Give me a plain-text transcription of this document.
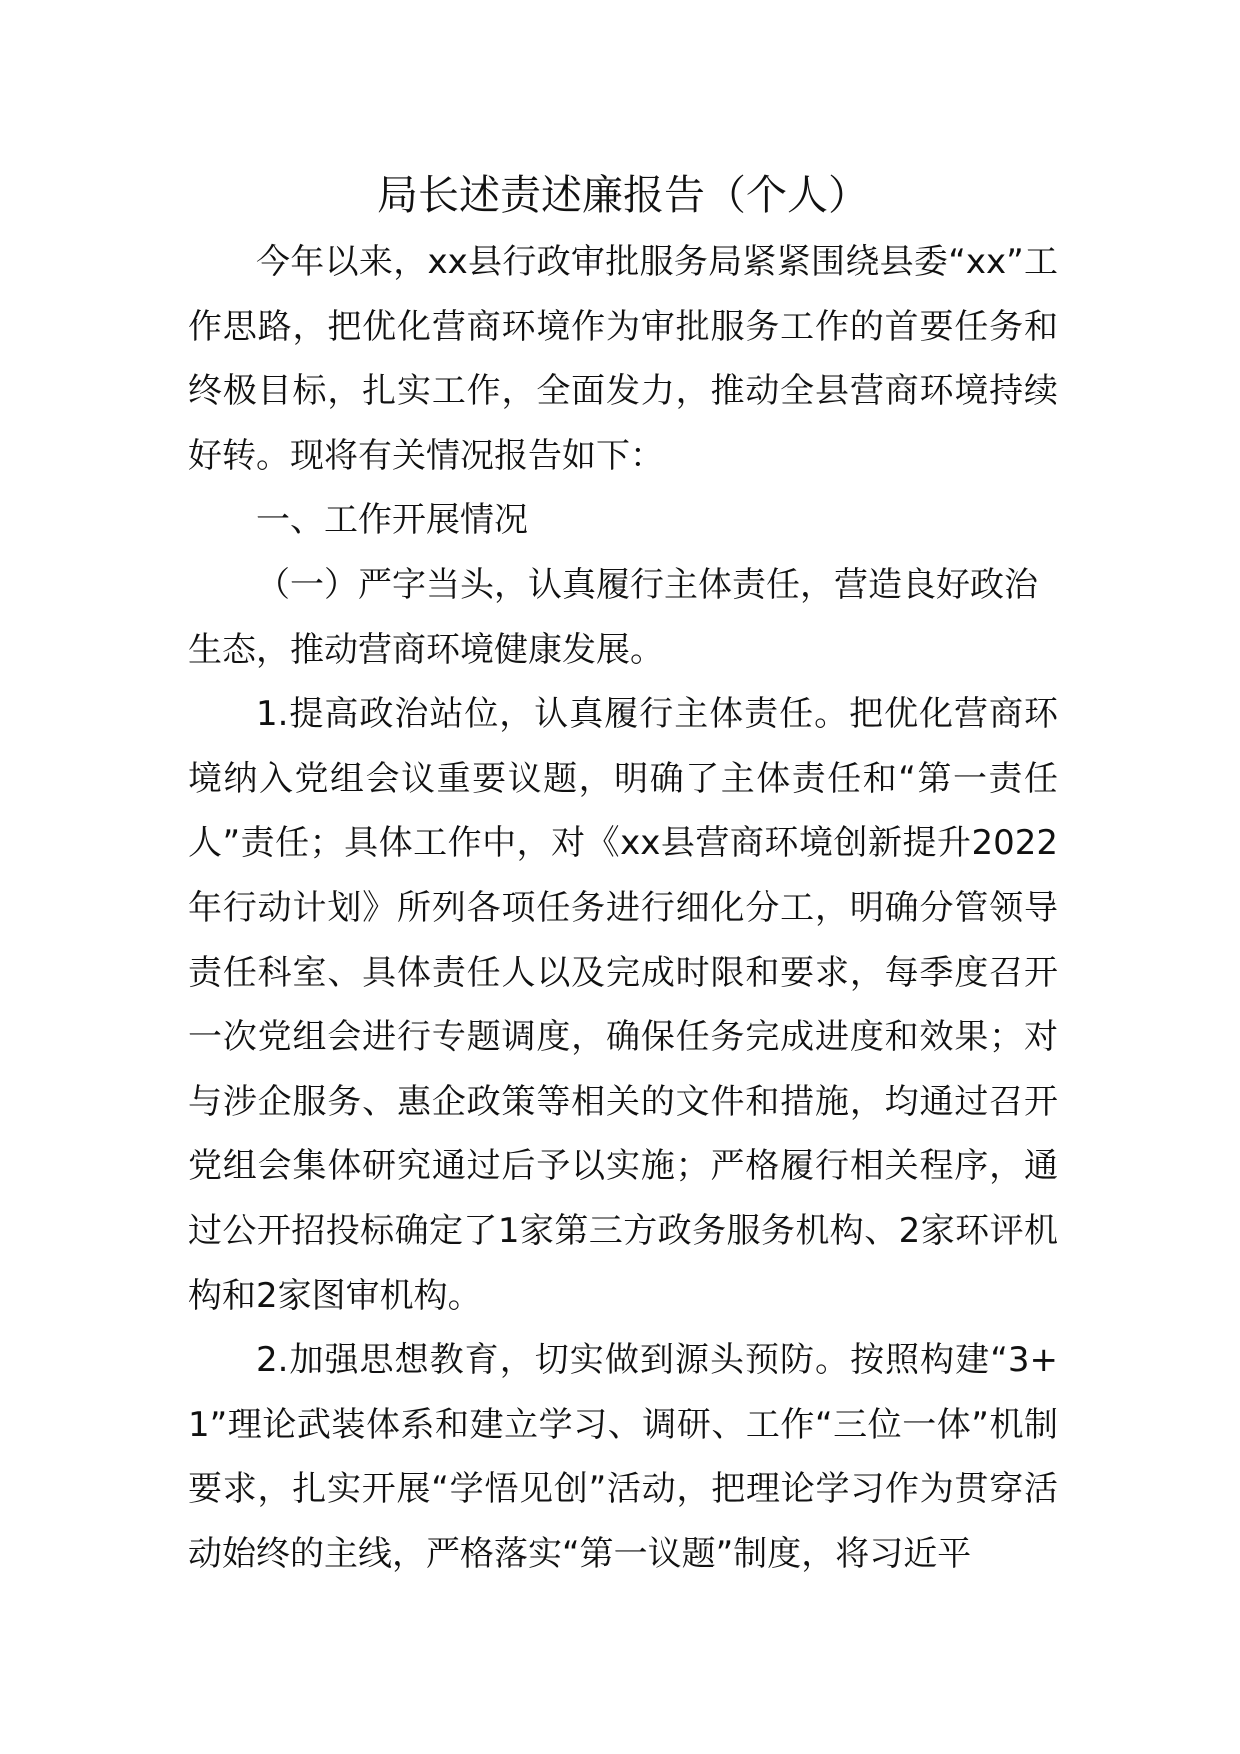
局长述责述廉报告（个人）

今年以来，xx县行政审批服务局紧紧围绕县委“xx”工作思路，把优化营商环境作为审批服务工作的首要任务和终极目标，扎实工作，全面发力，推动全县营商环境持续好转。现将有关情况报告如下：

一、工作开展情况

（一）严字当头，认真履行主体责任，营造良好政治生态，推动营商环境健康发展。

1.提高政治站位，认真履行主体责任。把优化营商环境纳入党组会议重要议题，明确了主体责任和“第一责任人”责任；具体工作中，对《xx县营商环境创新提升2022年行动计划》所列各项任务进行细化分工，明确分管领导责任科室、具体责任人以及完成时限和要求，每季度召开一次党组会进行专题调度，确保任务完成进度和效果；对与涉企服务、惠企政策等相关的文件和措施，均通过召开党组会集体研究通过后予以实施；严格履行相关程序，通过公开招投标确定了1家第三方政务服务机构、2家环评机构和2家图审机构。

2.加强思想教育，切实做到源头预防。按照构建“3+1”理论武装体系和建立学习、调研、工作“三位一体”机制要求，扎实开展“学悟见创”活动，把理论学习作为贯穿活动始终的主线，严格落实“第一议题”制度，将习近平
